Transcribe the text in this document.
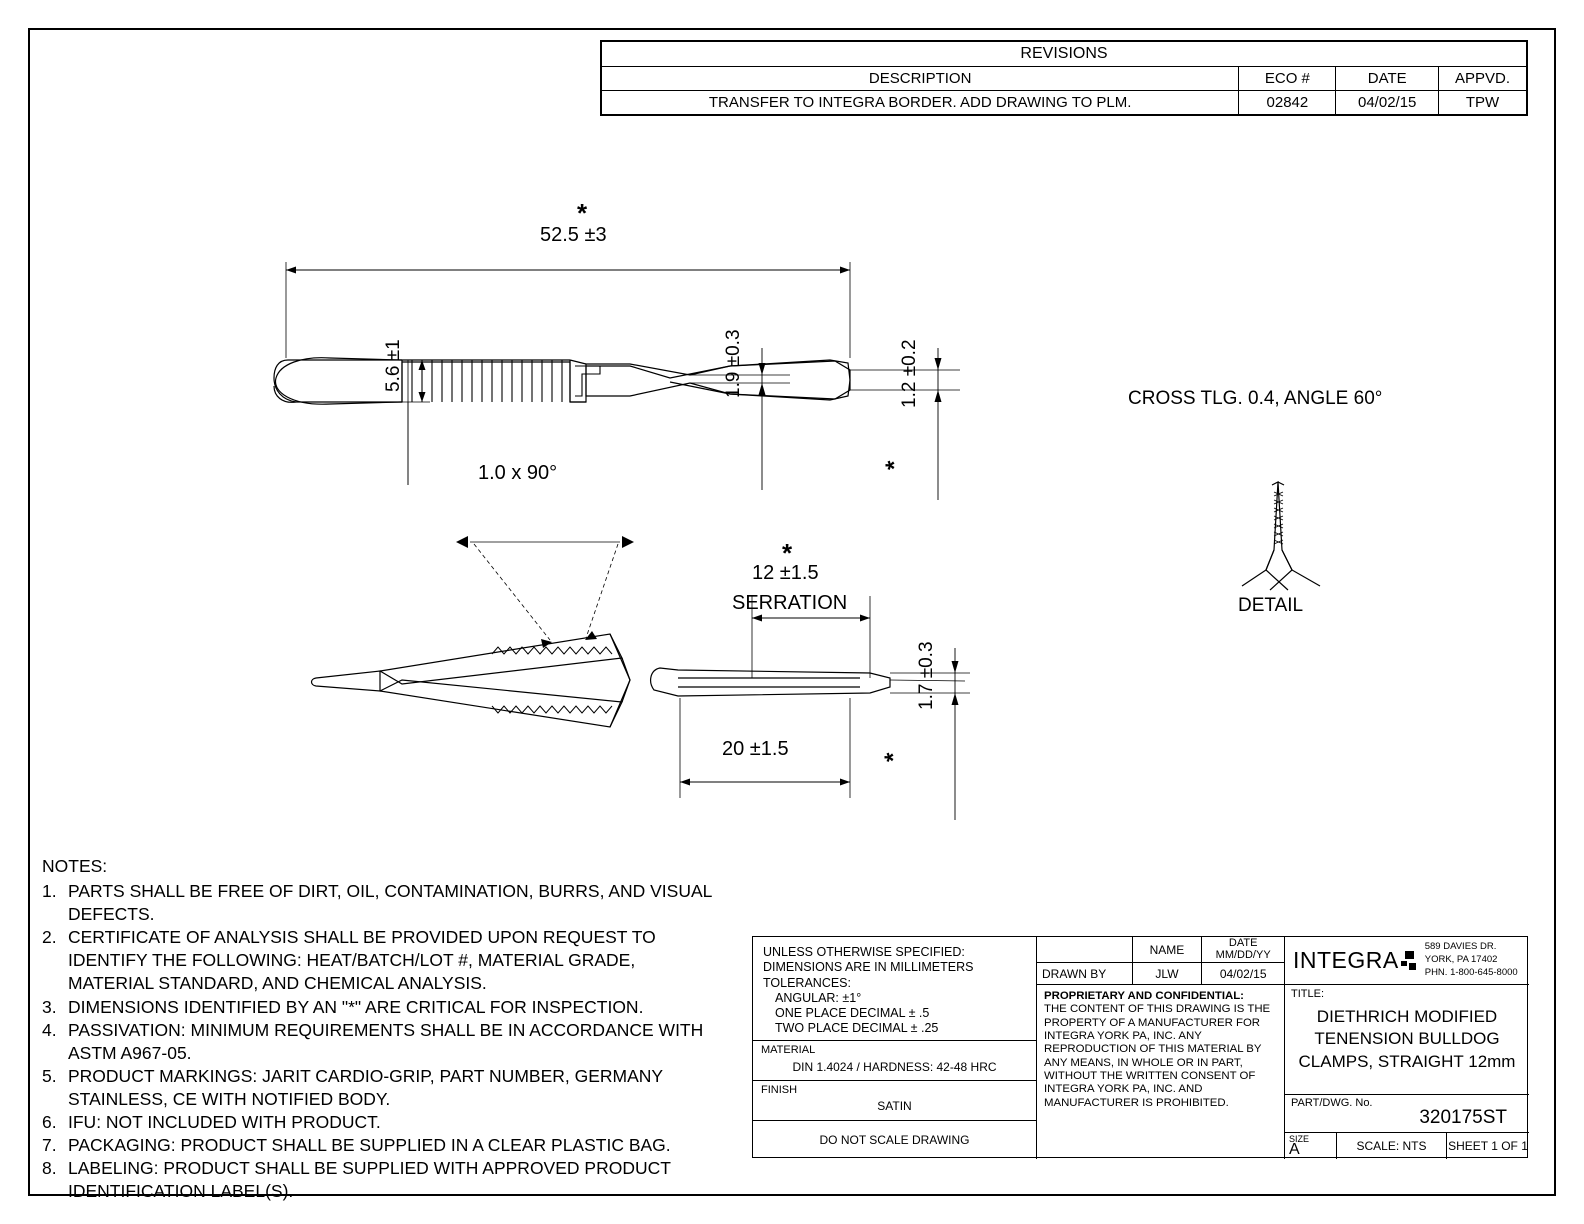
REVISIONS			
DESCRIPTION	ECO #	DATE	APPVD.
TRANSFER TO INTEGRA BORDER. ADD DRAWING TO PLM.	02842	04/02/15	TPW
*
52.5 ±3
5.6 ±1	1.9 ±0.3
*
1.2 ±0.2
1.0 x 90°
*
12 ±1.5
SERRATION
20 ±1.5	*
1.7 ±0.3
CROSS TLG. 0.4, ANGLE 60°
DETAIL
NOTES:
1. PARTS SHALL BE FREE OF DIRT, OIL, CONTAMINATION, BURRS, AND VISUAL DEFECTS.
2. CERTIFICATE OF ANALYSIS SHALL BE PROVIDED UPON REQUEST TO IDENTIFY THE FOLLOWING: HEAT/BATCH/LOT #, MATERIAL GRADE, MATERIAL STANDARD, AND CHEMICAL ANALYSIS.
3. DIMENSIONS IDENTIFIED BY AN "*" ARE CRITICAL FOR INSPECTION.
4. PASSIVATION: MINIMUM REQUIREMENTS SHALL BE IN ACCORDANCE WITH ASTM A967-05.
5. PRODUCT MARKINGS: JARIT CARDIO-GRIP, PART NUMBER, GERMANY STAINLESS, CE WITH NOTIFIED BODY.
6. IFU: NOT INCLUDED WITH PRODUCT.
7. PACKAGING: PRODUCT SHALL BE SUPPLIED IN A CLEAR PLASTIC BAG.
8. LABELING: PRODUCT SHALL BE SUPPLIED WITH APPROVED PRODUCT IDENTIFICATION LABEL(S).
UNLESS OTHERWISE SPECIFIED:
DIMENSIONS ARE IN MILLIMETERS
TOLERANCES:
ANGULAR: ±1°
ONE PLACE DECIMAL ± .5
TWO PLACE DECIMAL ± .25
MATERIAL
DIN 1.4024 / HARDNESS: 42-48 HRC
FINISH
SATIN
DO NOT SCALE DRAWING
NAME	DATE
MM/DD/YY
DRAWN BY	JLW	04/02/15
PROPRIETARY AND CONFIDENTIAL:
THE CONTENT OF THIS DRAWING IS THE PROPERTY OF A MANUFACTURER FOR INTEGRA YORK PA, INC. ANY REPRODUCTION OF THIS MATERIAL BY ANY MEANS, IN WHOLE OR IN PART, WITHOUT THE WRITTEN CONSENT OF INTEGRA YORK PA, INC. AND MANUFACTURER IS PROHIBITED.
INTEGRA
589 DAVIES DR.
YORK, PA 17402
PHN. 1-800-645-8000
TITLE:
DIETHRICH MODIFIED
TENENSION BULLDOG
CLAMPS, STRAIGHT 12mm
PART/DWG. No.
320175ST
SIZE
A	SCALE: NTS	SHEET 1 OF 1
